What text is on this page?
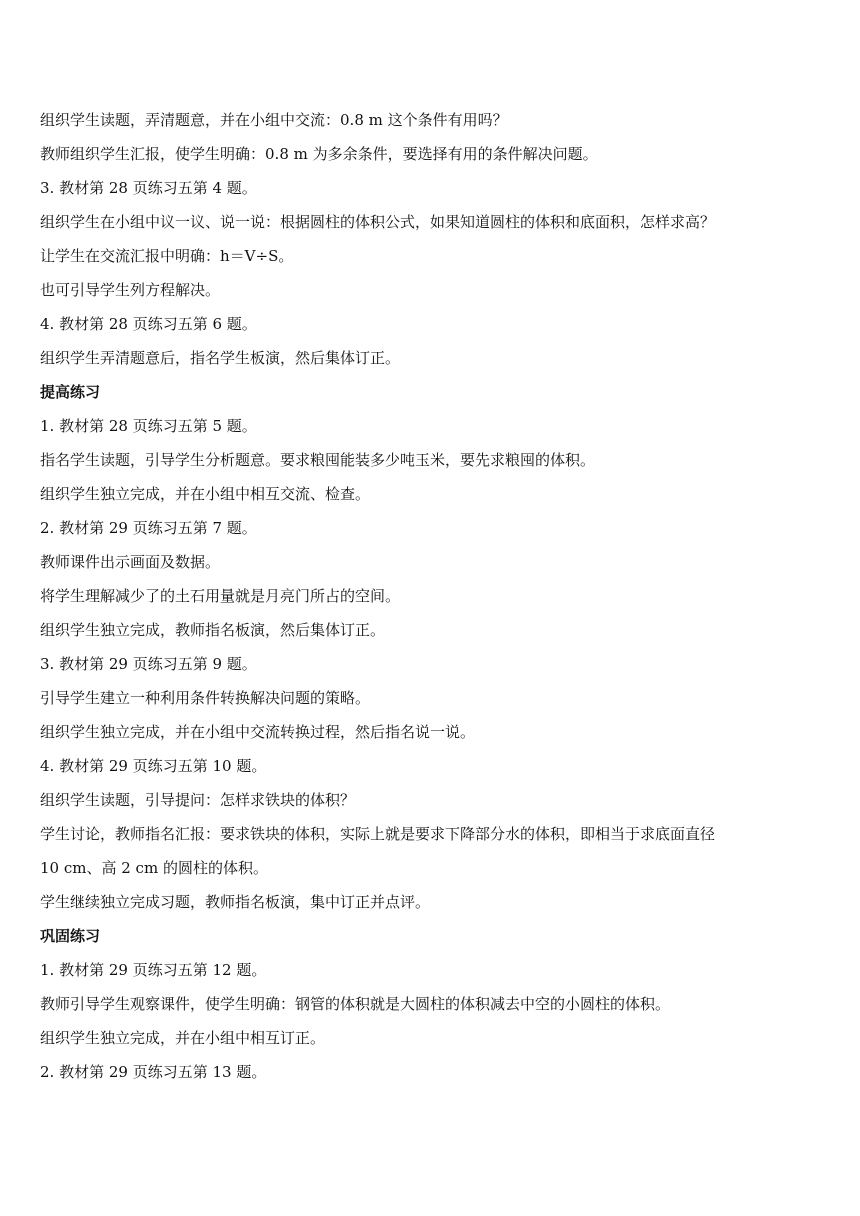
组织学生读题，弄清题意，并在小组中交流：0.8 m 这个条件有用吗？
教师组织学生汇报，使学生明确：0.8 m 为多余条件，要选择有用的条件解决问题。
3. 教材第 28 页练习五第 4 题。
组织学生在小组中议一议、说一说：根据圆柱的体积公式，如果知道圆柱的体积和底面积，怎样求高？
让学生在交流汇报中明确：h＝V÷S。
也可引导学生列方程解决。
4. 教材第 28 页练习五第 6 题。
组织学生弄清题意后，指名学生板演，然后集体订正。
提高练习
1. 教材第 28 页练习五第 5 题。
指名学生读题，引导学生分析题意。要求粮囤能装多少吨玉米，要先求粮囤的体积。
组织学生独立完成，并在小组中相互交流、检查。
2. 教材第 29 页练习五第 7 题。
教师课件出示画面及数据。
将学生理解减少了的土石用量就是月亮门所占的空间。
组织学生独立完成，教师指名板演，然后集体订正。
3. 教材第 29 页练习五第 9 题。
引导学生建立一种利用条件转换解决问题的策略。
组织学生独立完成，并在小组中交流转换过程，然后指名说一说。
4. 教材第 29 页练习五第 10 题。
组织学生读题，引导提问：怎样求铁块的体积？
学生讨论，教师指名汇报：要求铁块的体积，实际上就是要求下降部分水的体积，即相当于求底面直径
10 cm、高 2 cm 的圆柱的体积。
学生继续独立完成习题，教师指名板演，集中订正并点评。
巩固练习
1. 教材第 29 页练习五第 12 题。
教师引导学生观察课件，使学生明确：钢管的体积就是大圆柱的体积减去中空的小圆柱的体积。
组织学生独立完成，并在小组中相互订正。
2. 教材第 29 页练习五第 13 题。
